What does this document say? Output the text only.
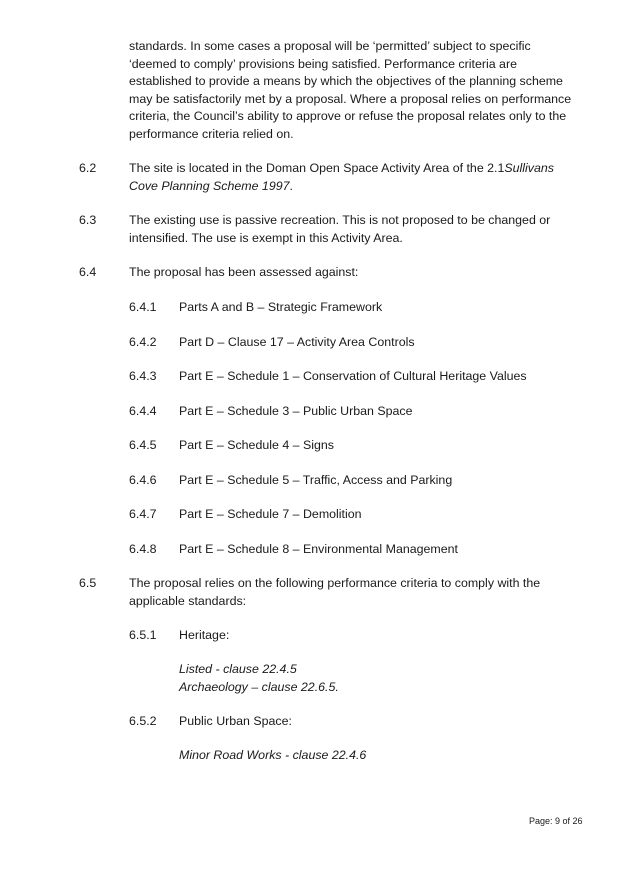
standards. In some cases a proposal will be ‘permitted’ subject to specific

‘deemed to comply’ provisions being satisfied. Performance criteria are

established to provide a means by which the objectives of the planning scheme

may be satisfactorily met by a proposal. Where a proposal relies on performance

criteria, the Council’s ability to approve or refuse the proposal relates only to the

performance criteria relied on.

6.2	The site is located in the Doman Open Space Activity Area of the 2.1Sullivans
Cove Planning Scheme 1997.
6.3	The existing use is passive recreation. This is not proposed to be changed or
intensified. The use is exempt in this Activity Area.
6.4	The proposal has been assessed against:
6.4.1 Parts A and B – Strategic Framework
6.4.2 Part D – Clause 17 – Activity Area Controls
6.4.3 Part E – Schedule 1 – Conservation of Cultural Heritage Values
6.4.4 Part E – Schedule 3 – Public Urban Space
6.4.5 Part E – Schedule 4 – Signs
6.4.6 Part E – Schedule 5 – Traffic, Access and Parking
6.4.7 Part E – Schedule 7 – Demolition
6.4.8 Part E – Schedule 8 – Environmental Management
6.5	The proposal relies on the following performance criteria to comply with the
applicable standards:
6.5.1 Heritage:
Listed - clause 22.4.5
Archaeology – clause 22.6.5.
6.5.2 Public Urban Space:
Minor Road Works - clause 22.4.6
Page: 9 of 26
